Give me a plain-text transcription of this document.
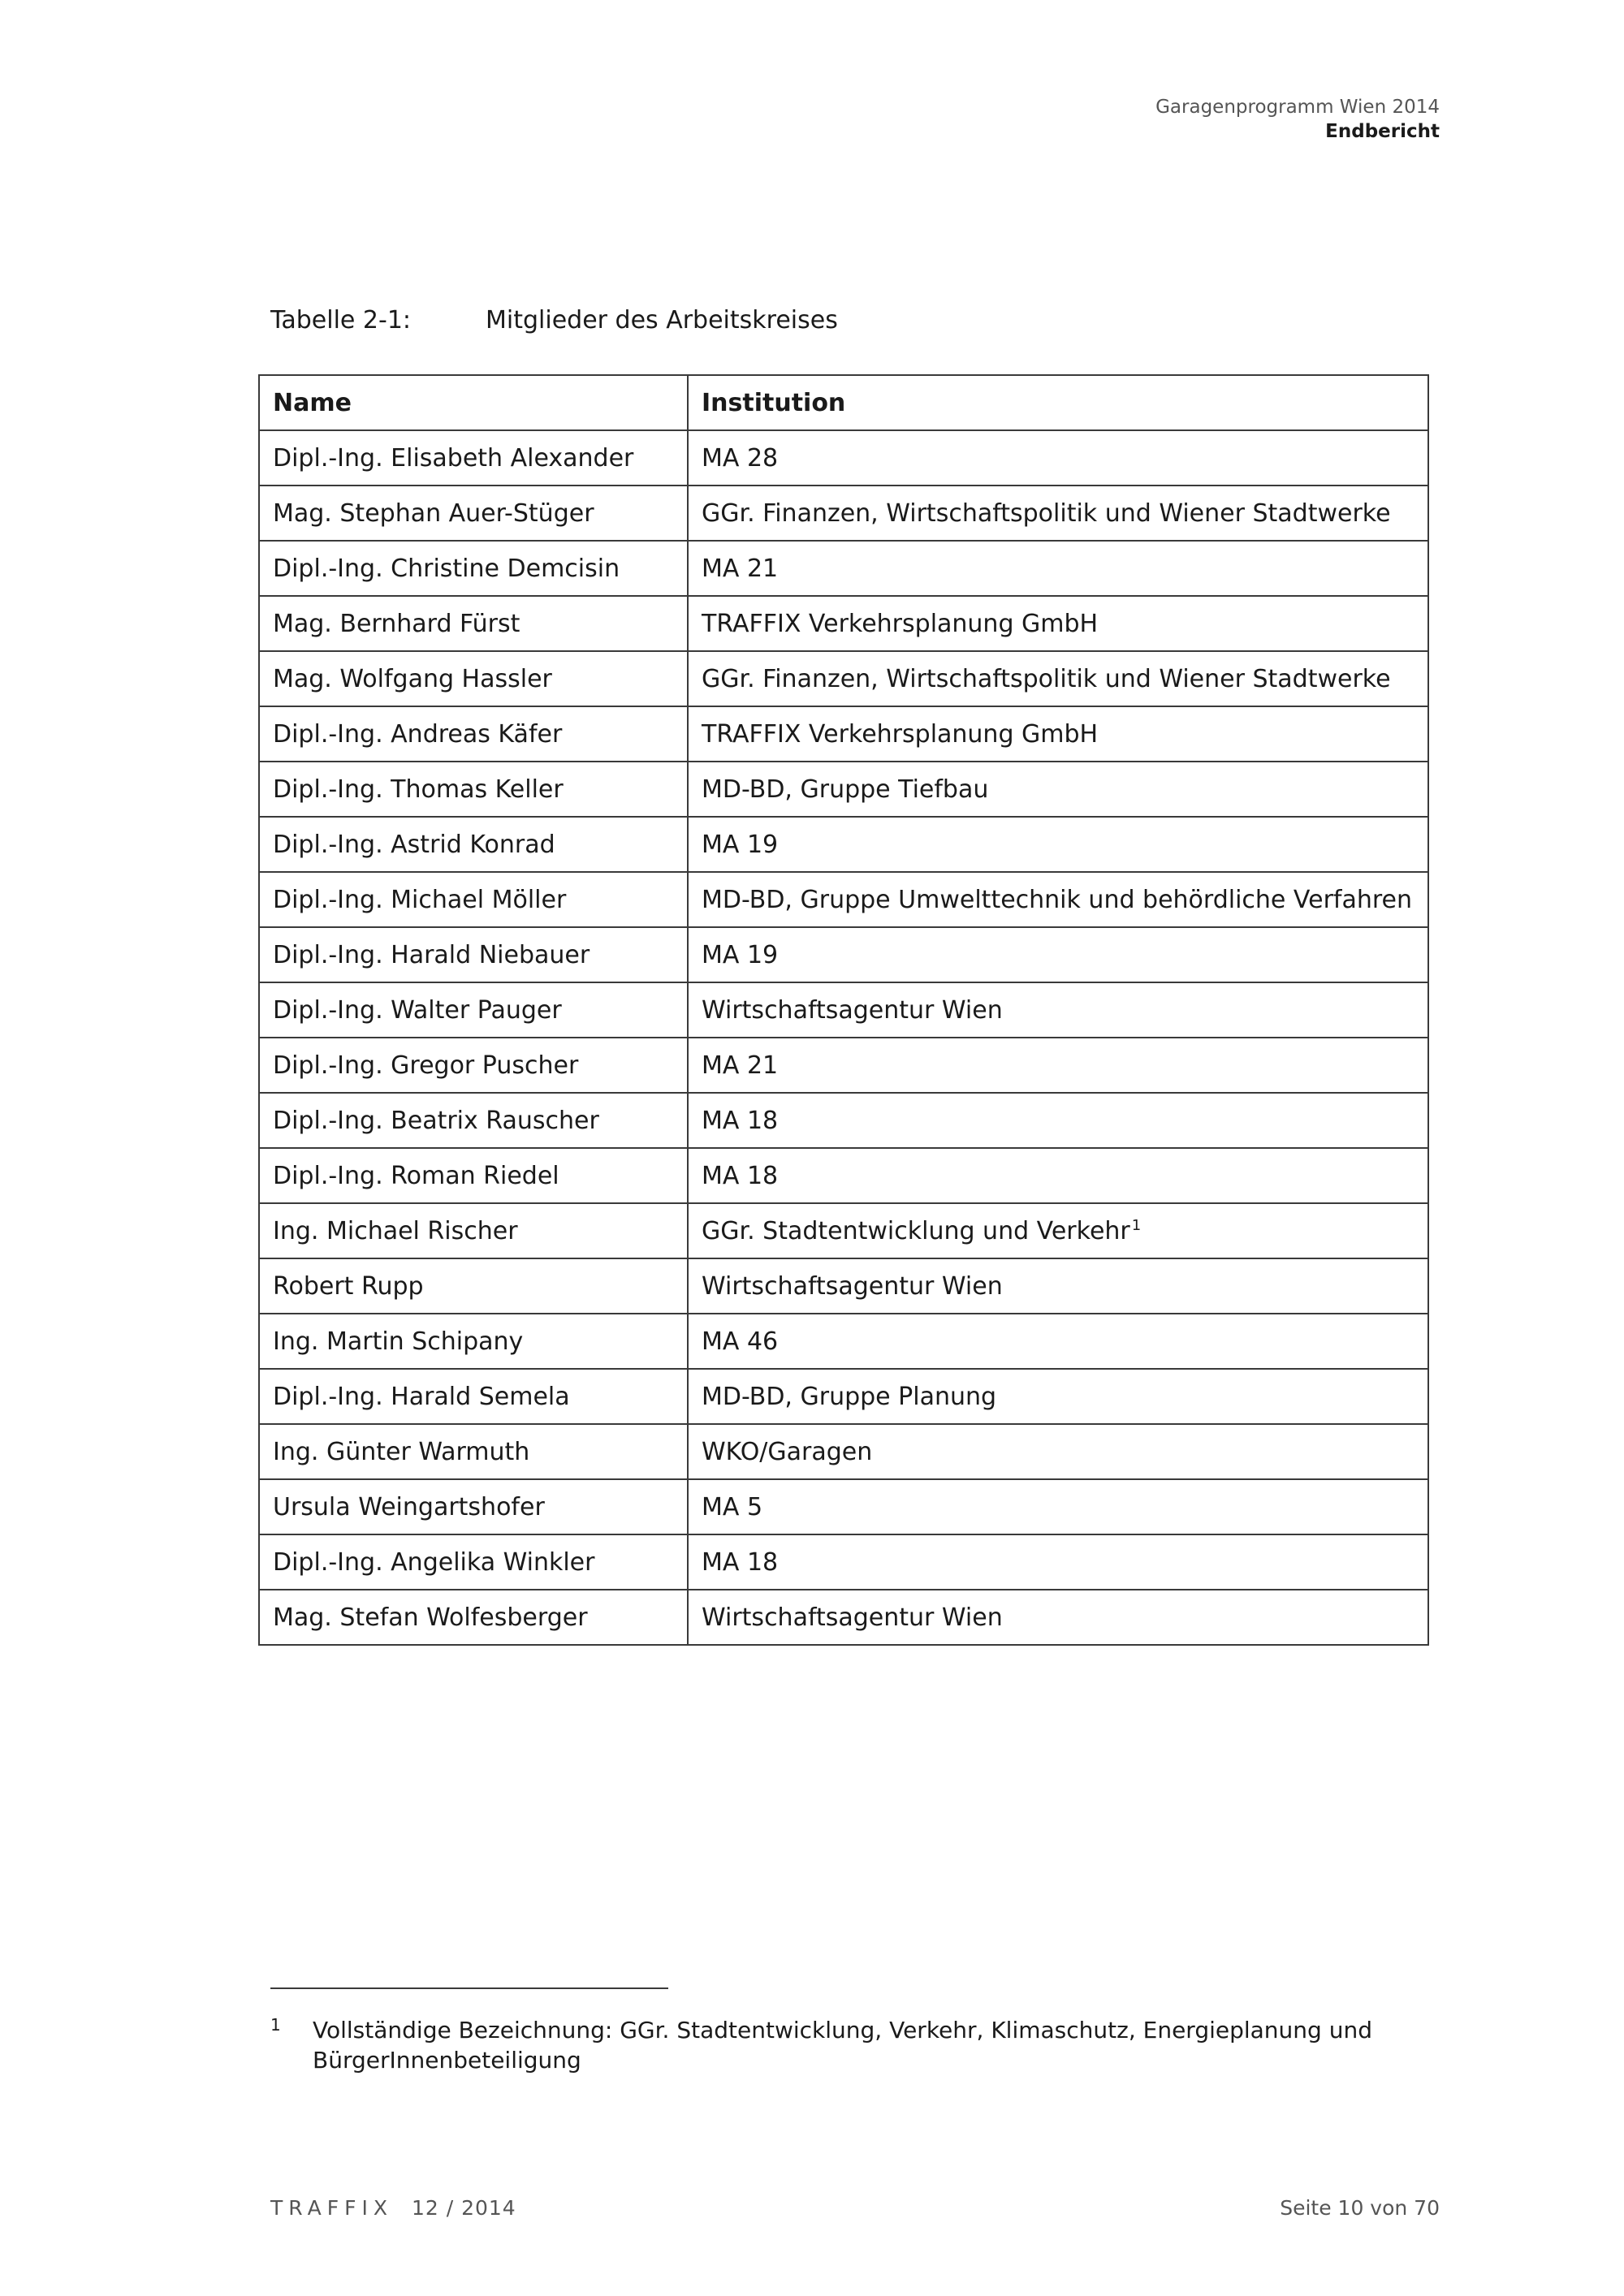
Garagenprogramm Wien 2014
Endbericht
Tabelle 2-1:	Mitglieder des Arbeitskreises
Name	Institution
Dipl.-Ing. Elisabeth Alexander	MA 28
Mag. Stephan Auer-Stüger	GGr. Finanzen, Wirtschaftspolitik und Wiener Stadtwerke
Dipl.-Ing. Christine Demcisin	MA 21
Mag. Bernhard Fürst	TRAFFIX Verkehrsplanung GmbH
Mag. Wolfgang Hassler	GGr. Finanzen, Wirtschaftspolitik und Wiener Stadtwerke
Dipl.-Ing. Andreas Käfer	TRAFFIX Verkehrsplanung GmbH
Dipl.-Ing. Thomas Keller	MD-BD, Gruppe Tiefbau
Dipl.-Ing. Astrid Konrad	MA 19
Dipl.-Ing. Michael Möller	MD-BD, Gruppe Umwelttechnik und behördliche Verfahren
Dipl.-Ing. Harald Niebauer	MA 19
Dipl.-Ing. Walter Pauger	Wirtschaftsagentur Wien
Dipl.-Ing. Gregor Puscher	MA 21
Dipl.-Ing. Beatrix Rauscher	MA 18
Dipl.-Ing. Roman Riedel	MA 18
Ing. Michael Rischer	GGr. Stadtentwicklung und Verkehr $^1$
Robert Rupp	Wirtschaftsagentur Wien
Ing. Martin Schipany	MA 46
Dipl.-Ing. Harald Semela	MD-BD, Gruppe Planung
Ing. Günter Warmuth	WKO/Garagen
Ursula Weingartshofer	MA 5
Dipl.-Ing. Angelika Winkler	MA 18
Mag. Stefan Wolfesberger	Wirtschaftsagentur Wien
1 Vollständige Bezeichnung: GGr. Stadtentwicklung, Verkehr, Klimaschutz, Energieplanung und BürgerInnenbeteiligung
TRAFFIX 12 / 2014	Seite 10 von 70
